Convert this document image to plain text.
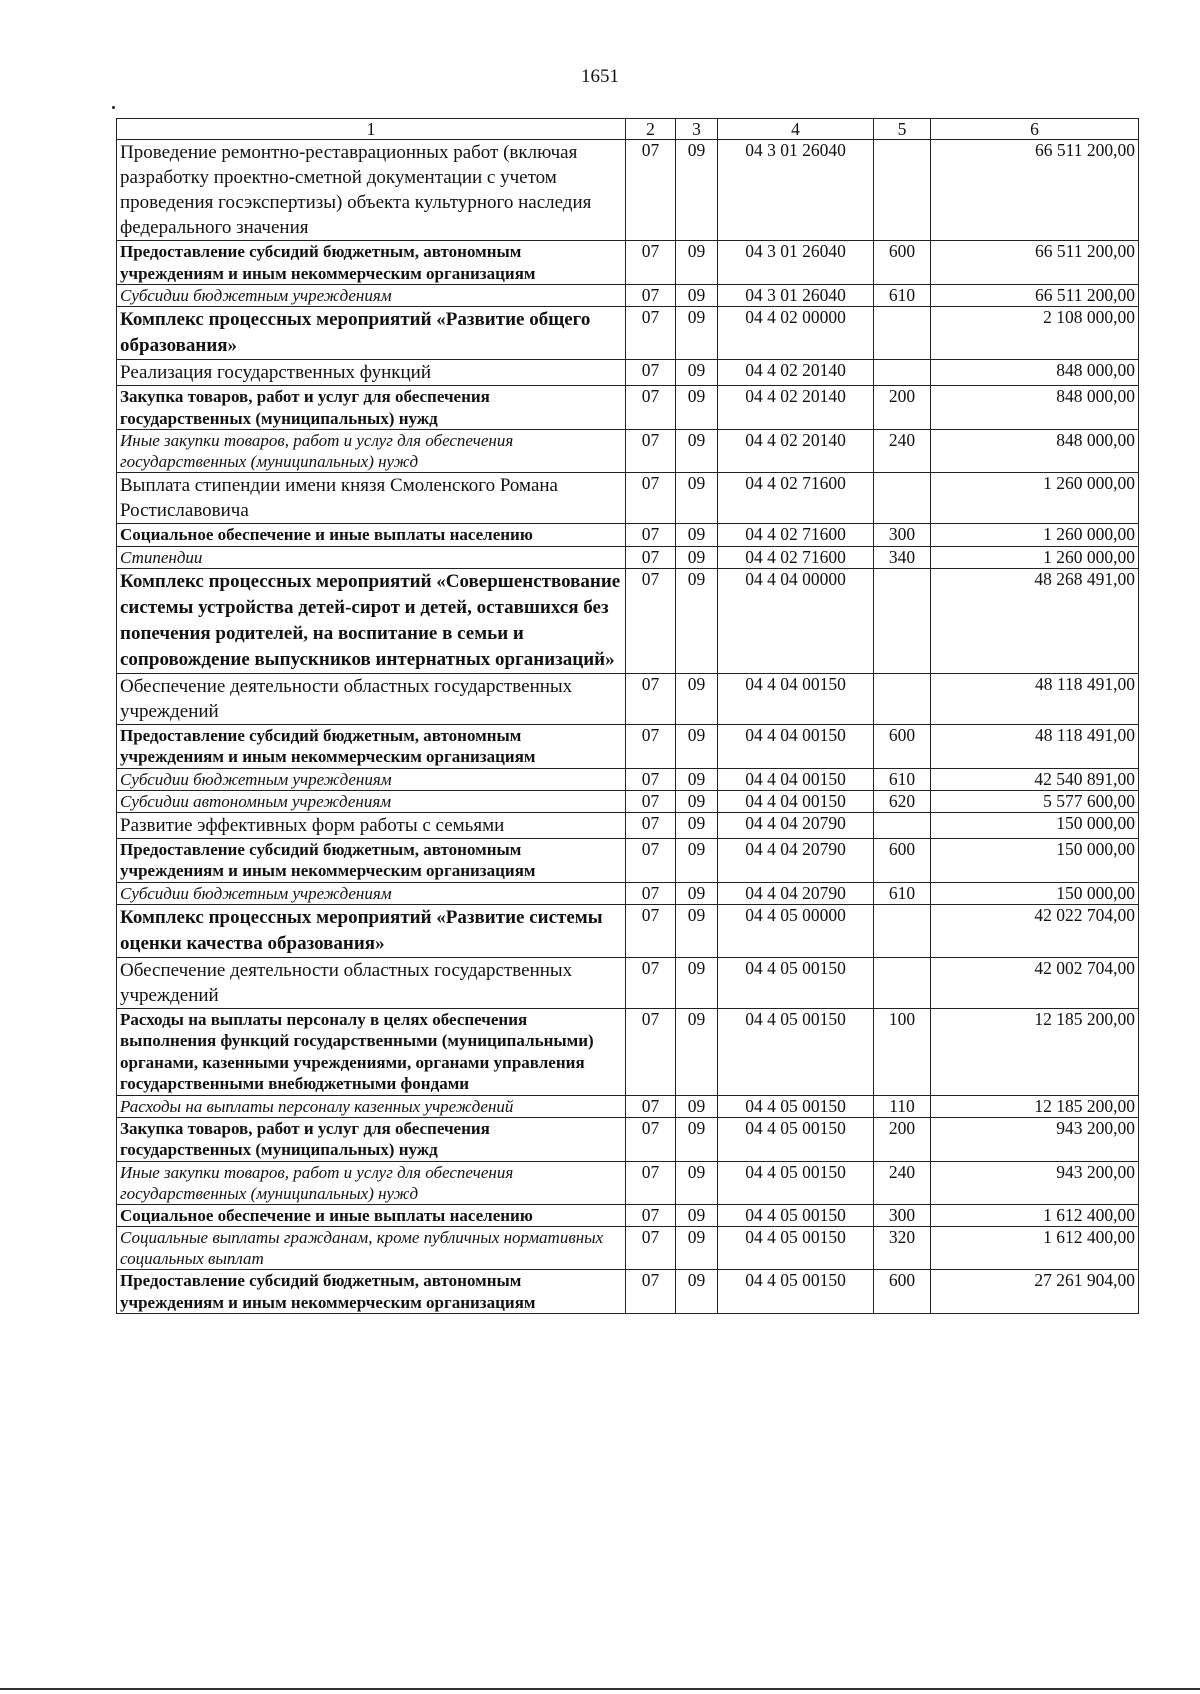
1651
1	2	3	4	5	6
Проведение ремонтно-реставрационных работ (включая разработку проектно-сметной документации с учетом проведения госэкспертизы) объекта культурного наследия федерального значения	07	09	04 3 01 26040		66 511 200,00
Предоставление субсидий бюджетным, автономным учреждениям и иным некоммерческим организациям	07	09	04 3 01 26040	600	66 511 200,00
Субсидии бюджетным учреждениям	07	09	04 3 01 26040	610	66 511 200,00
Комплекс процессных мероприятий «Развитие общего образования»	07	09	04 4 02 00000		2 108 000,00
Реализация государственных функций	07	09	04 4 02 20140		848 000,00
Закупка товаров, работ и услуг для обеспечения государственных (муниципальных) нужд	07	09	04 4 02 20140	200	848 000,00
Иные закупки товаров, работ и услуг для обеспечения государственных (муниципальных) нужд	07	09	04 4 02 20140	240	848 000,00
Выплата стипендии имени князя Смоленского Романа Ростиславовича	07	09	04 4 02 71600		1 260 000,00
Социальное обеспечение и иные выплаты населению	07	09	04 4 02 71600	300	1 260 000,00
Стипендии	07	09	04 4 02 71600	340	1 260 000,00
Комплекс процессных мероприятий «Совершенствование системы устройства детей-сирот и детей, оставшихся без попечения родителей, на воспитание в семьи и сопровождение выпускников интернатных организаций»	07	09	04 4 04 00000		48 268 491,00
Обеспечение деятельности областных государственных учреждений	07	09	04 4 04 00150		48 118 491,00
Предоставление субсидий бюджетным, автономным учреждениям и иным некоммерческим организациям	07	09	04 4 04 00150	600	48 118 491,00
Субсидии бюджетным учреждениям	07	09	04 4 04 00150	610	42 540 891,00
Субсидии автономным учреждениям	07	09	04 4 04 00150	620	5 577 600,00
Развитие эффективных форм работы с семьями	07	09	04 4 04 20790		150 000,00
Предоставление субсидий бюджетным, автономным учреждениям и иным некоммерческим организациям	07	09	04 4 04 20790	600	150 000,00
Субсидии бюджетным учреждениям	07	09	04 4 04 20790	610	150 000,00
Комплекс процессных мероприятий «Развитие системы оценки качества образования»	07	09	04 4 05 00000		42 022 704,00
Обеспечение деятельности областных государственных учреждений	07	09	04 4 05 00150		42 002 704,00
Расходы на выплаты персоналу в целях обеспечения выполнения функций государственными (муниципальными) органами, казенными учреждениями, органами управления государственными внебюджетными фондами	07	09	04 4 05 00150	100	12 185 200,00
Расходы на выплаты персоналу казенных учреждений	07	09	04 4 05 00150	110	12 185 200,00
Закупка товаров, работ и услуг для обеспечения государственных (муниципальных) нужд	07	09	04 4 05 00150	200	943 200,00
Иные закупки товаров, работ и услуг для обеспечения государственных (муниципальных) нужд	07	09	04 4 05 00150	240	943 200,00
Социальное обеспечение и иные выплаты населению	07	09	04 4 05 00150	300	1 612 400,00
Социальные выплаты гражданам, кроме публичных нормативных социальных выплат	07	09	04 4 05 00150	320	1 612 400,00
Предоставление субсидий бюджетным, автономным учреждениям и иным некоммерческим организациям	07	09	04 4 05 00150	600	27 261 904,00
